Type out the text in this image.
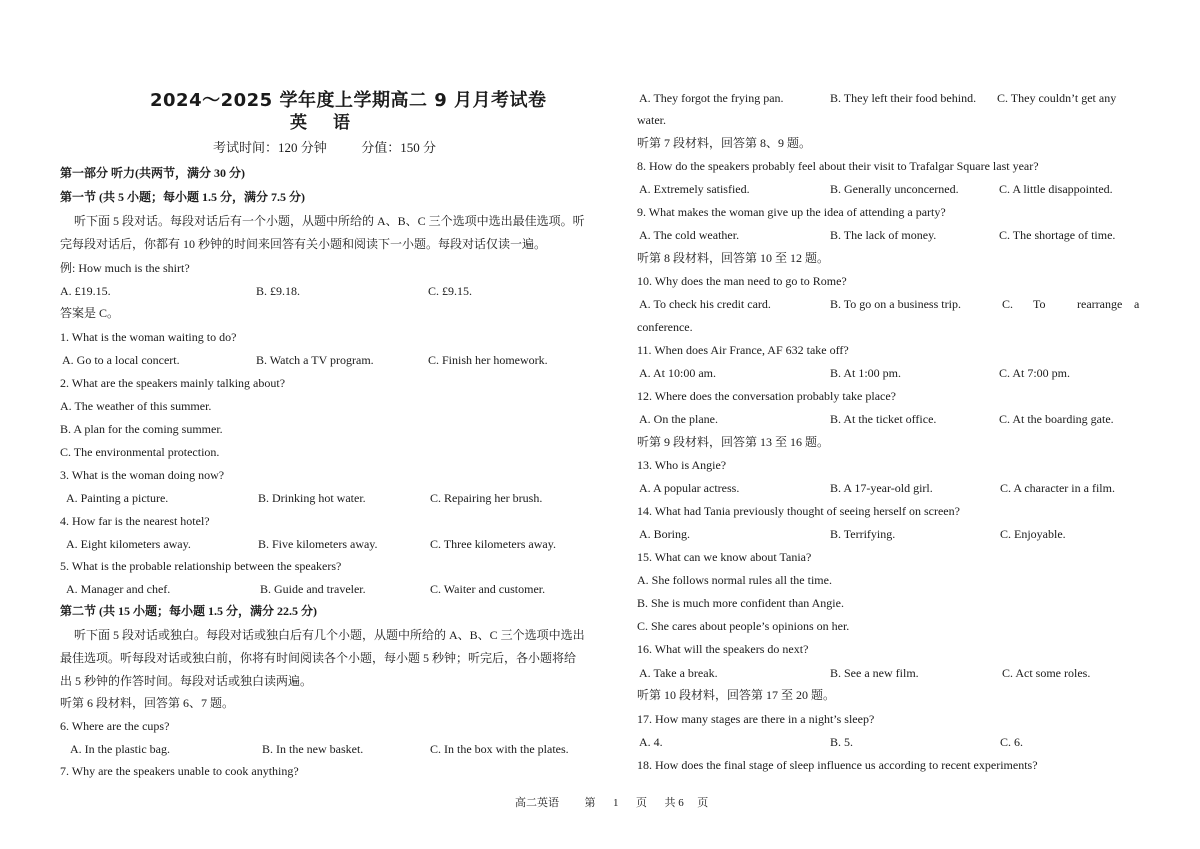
2024～2025 学年度上学期高二 9 月月考试卷
英语
考试时间：120 分钟	分值：150 分
第一部分 听力(共两节，满分 30 分)
第一节 (共 5 小题；每小题 1.5 分，满分 7.5 分)
听下面 5 段对话。每段对话后有一个小题，从题中所给的 A、B、C 三个选项中选出最佳选项。听
完每段对话后，你都有 10 秒钟的时间来回答有关小题和阅读下一小题。每段对话仅读一遍。
例: How much is the shirt?
A. £19.15.	B. £9.18.	C. £9.15.
答案是 C。
1. What is the woman waiting to do?
A. Go to a local concert.	B. Watch a TV program.	C. Finish her homework.
2. What are the speakers mainly talking about?
A. The weather of this summer.
B. A plan for the coming summer.
C. The environmental protection.
3. What is the woman doing now?
A. Painting a picture.	B. Drinking hot water.	C. Repairing her brush.
4. How far is the nearest hotel?
A. Eight kilometers away.	B. Five kilometers away.	C. Three kilometers away.
5. What is the probable relationship between the speakers?
A. Manager and chef.	B. Guide and traveler.	C. Waiter and customer.
第二节 (共 15 小题；每小题 1.5 分，满分 22.5 分)
听下面 5 段对话或独白。每段对话或独白后有几个小题，从题中所给的 A、B、C 三个选项中选出
最佳选项。听每段对话或独白前，你将有时间阅读各个小题，每小题 5 秒钟；听完后，各小题将给
出 5 秒钟的作答时间。每段对话或独白读两遍。
听第 6 段材料，回答第 6、7 题。
6. Where are the cups?
A. In the plastic bag.	B. In the new basket.	C. In the box with the plates.
7. Why are the speakers unable to cook anything?
A. They forgot the frying pan.	B. They left their food behind. C. They couldn’t get any
water.
听第 7 段材料，回答第 8、9 题。
8. How do the speakers probably feel about their visit to Trafalgar Square last year?
A. Extremely satisfied.	B. Generally unconcerned.	C. A little disappointed.
9. What makes the woman give up the idea of attending a party?
A. The cold weather.	B. The lack of money.	C. The shortage of time.
听第 8 段材料，回答第 10 至 12 题。
10. Why does the man need to go to Rome?
A. To check his credit card.	B. To go on a business trip.	C. To	rearrange a
conference.
11. When does Air France, AF 632 take off?
A. At 10:00 am.	B. At 1:00 pm.	C. At 7:00 pm.
12. Where does the conversation probably take place?
A. On the plane.	B. At the ticket office.	C. At the boarding gate.
听第 9 段材料，回答第 13 至 16 题。
13. Who is Angie?
A. A popular actress.	B. A 17-year-old girl.	C. A character in a film.
14. What had Tania previously thought of seeing herself on screen?
A. Boring.	B. Terrifying.	C. Enjoyable.
15. What can we know about Tania?
A. She follows normal rules all the time.
B. She is much more confident than Angie.
C. She cares about people’s opinions on her.
16. What will the speakers do next?
A. Take a break.	B. See a new film.	C. Act some roles.
听第 10 段材料，回答第 17 至 20 题。
17. How many stages are there in a night’s sleep?
A. 4.	B. 5.	C. 6.
18. How does the final stage of sleep influence us according to recent experiments?
高二英语 第 1 页 共 6 页
